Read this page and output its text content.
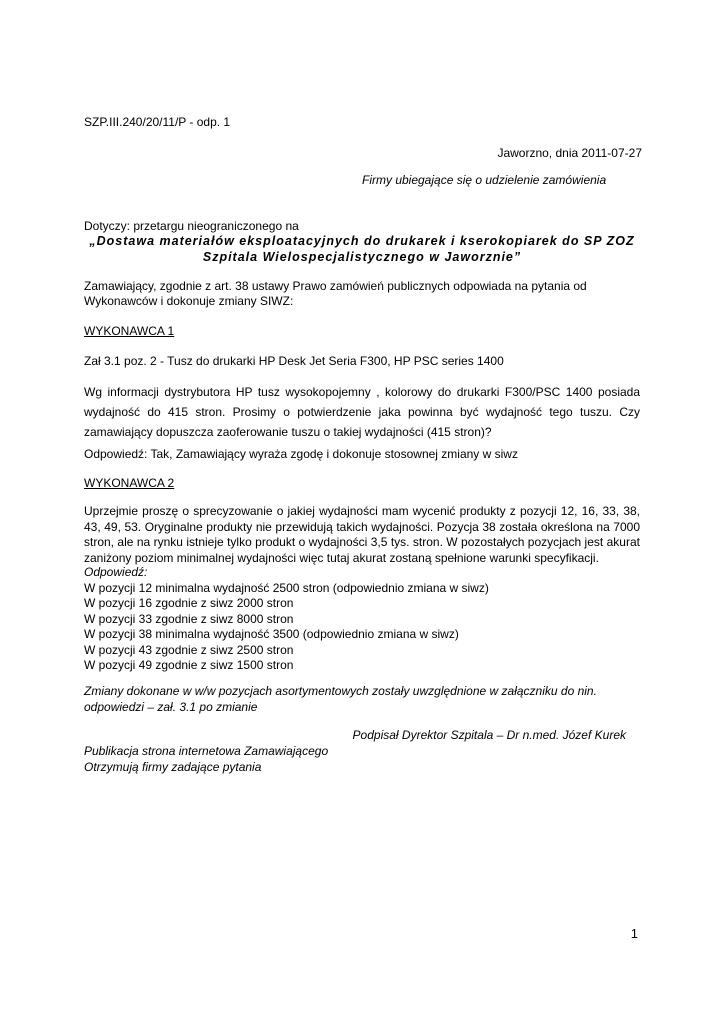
SZP.III.240/20/11/P - odp. 1
Jaworzno, dnia 2011-07-27
Firmy ubiegające się o udzielenie zamówienia
Dotyczy: przetargu nieograniczonego na
„Dostawa materiałów eksploatacyjnych do drukarek i kserokopiarek do SP ZOZ Szpitala Wielospecjalistycznego w Jaworznie”
Zamawiający, zgodnie z art. 38 ustawy Prawo zamówień publicznych odpowiada na pytania od Wykonawców i dokonuje zmiany SIWZ:
WYKONAWCA 1
Zał 3.1 poz. 2 - Tusz do drukarki HP Desk Jet Seria F300, HP PSC series 1400
Wg informacji dystrybutora HP tusz wysokopojemny , kolorowy do drukarki F300/PSC 1400 posiada wydajność do 415 stron. Prosimy o potwierdzenie jaka powinna być wydajność tego tuszu. Czy zamawiający dopuszcza zaoferowanie tuszu o takiej wydajności (415 stron)?
Odpowiedź: Tak, Zamawiający wyraża zgodę i dokonuje stosownej zmiany w siwz
WYKONAWCA 2
Uprzejmie proszę o sprecyzowanie o jakiej wydajności mam wycenić produkty z pozycji 12, 16, 33, 38, 43, 49, 53. Oryginalne produkty nie przewidują takich wydajności. Pozycja 38 została określona na 7000 stron, ale na rynku istnieje tylko produkt o wydajności 3,5 tys. stron. W pozostałych pozycjach jest akurat zaniżony poziom minimalnej wydajności więc tutaj akurat zostaną spełnione warunki specyfikacji.
Odpowiedź:
W pozycji 12 minimalna wydajność 2500 stron (odpowiednio zmiana w siwz)
W pozycji 16 zgodnie z siwz 2000 stron
W pozycji 33 zgodnie z siwz 8000 stron
W pozycji 38 minimalna wydajność 3500 (odpowiednio zmiana w siwz)
W pozycji 43 zgodnie z siwz 2500 stron
W pozycji 49 zgodnie z siwz 1500 stron
Zmiany dokonane w w/w pozycjach asortymentowych zostały uwzględnione w załączniku do nin. odpowiedzi – zał. 3.1 po zmianie
Podpisał Dyrektor Szpitala – Dr n.med. Józef Kurek
Publikacja strona internetowa Zamawiającego
Otrzymują firmy zadające pytania
1
